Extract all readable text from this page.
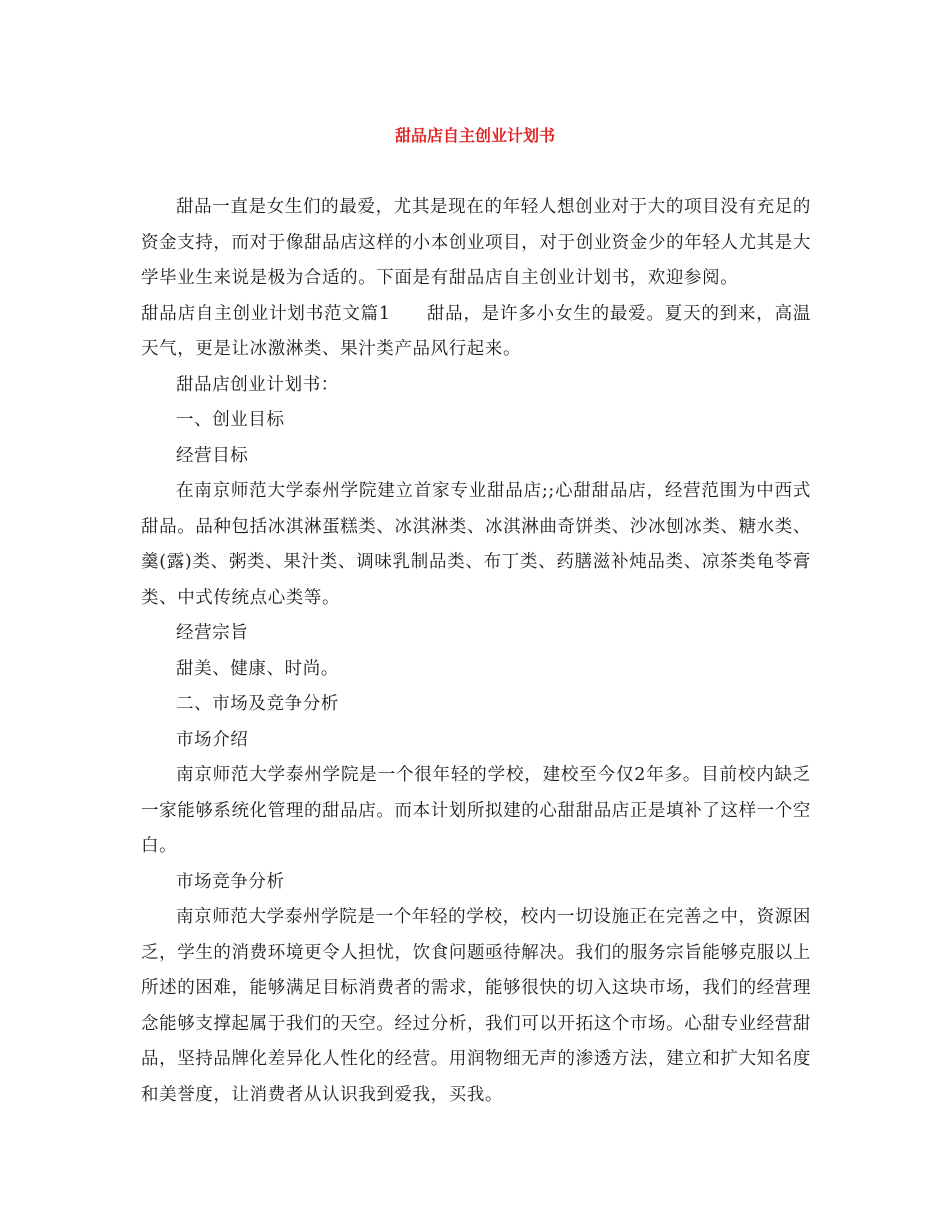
甜品店自主创业计划书

甜品一直是女生们的最爱，尤其是现在的年轻人想创业对于大的项目没有充足的资金支持，而对于像甜品店这样的小本创业项目，对于创业资金少的年轻人尤其是大学毕业生来说是极为合适的。下面是有甜品店自主创业计划书，欢迎参阅。

甜品店自主创业计划书范文篇1 甜品，是许多小女生的最爱。夏天的到来，高温天气，更是让冰激淋类、果汁类产品风行起来。

甜品店创业计划书：

一、创业目标

经营目标

在南京师范大学泰州学院建立首家专业甜品店;;心甜甜品店，经营范围为中西式甜品。品种包括冰淇淋蛋糕类、冰淇淋类、冰淇淋曲奇饼类、沙冰刨冰类、糖水类、羹(露)类、粥类、果汁类、调味乳制品类、布丁类、药膳滋补炖品类、凉茶类龟苓膏类、中式传统点心类等。

经营宗旨

甜美、健康、时尚。

二、市场及竞争分析

市场介绍

南京师范大学泰州学院是一个很年轻的学校，建校至今仅2年多。目前校内缺乏一家能够系统化管理的甜品店。而本计划所拟建的心甜甜品店正是填补了这样一个空白。

市场竞争分析

南京师范大学泰州学院是一个年轻的学校，校内一切设施正在完善之中，资源困乏，学生的消费环境更令人担忧，饮食问题亟待解决。我们的服务宗旨能够克服以上所述的困难，能够满足目标消费者的需求，能够很快的切入这块市场，我们的经营理念能够支撑起属于我们的天空。经过分析，我们可以开拓这个市场。心甜专业经营甜品，坚持品牌化差异化人性化的经营。用润物细无声的渗透方法，建立和扩大知名度和美誉度，让消费者从认识我到爱我，买我。
